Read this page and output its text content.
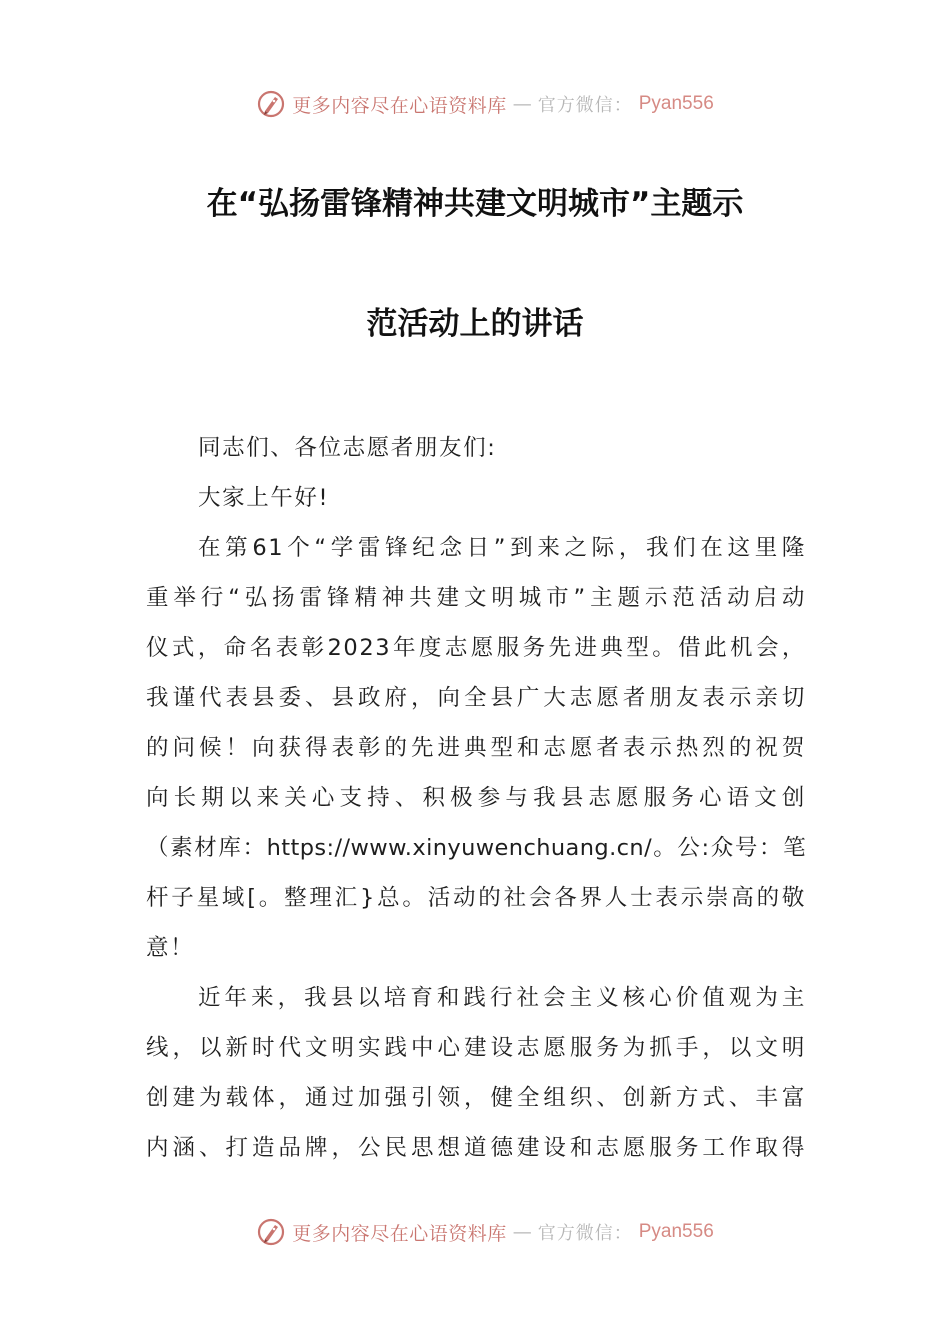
更多内容尽在心语资料库 — 官方微信： Pyan556
在“弘扬雷锋精神共建文明城市”主题示
范活动上的讲话
同志们、各位志愿者朋友们:
大家上午好!
在第61个“学雷锋纪念日”到来之际，我们在这里隆
重举行“弘扬雷锋精神共建文明城市”主题示范活动启动
仪式，命名表彰2023年度志愿服务先进典型。借此机会，
我谨代表县委、县政府，向全县广大志愿者朋友表示亲切
的问候！向获得表彰的先进典型和志愿者表示热烈的祝贺
向长期以来关心支持、积极参与我县志愿服务心语文创
（素材库：https://www.xinyuwenchuang.cn/。公:众号：笔
杆子星域[。整理汇}总。活动的社会各界人士表示崇高的敬
意！
近年来，我县以培育和践行社会主义核心价值观为主
线，以新时代文明实践中心建设志愿服务为抓手，以文明
创建为载体，通过加强引领，健全组织、创新方式、丰富
内涵、打造品牌，公民思想道德建设和志愿服务工作取得
更多内容尽在心语资料库 — 官方微信： Pyan556
